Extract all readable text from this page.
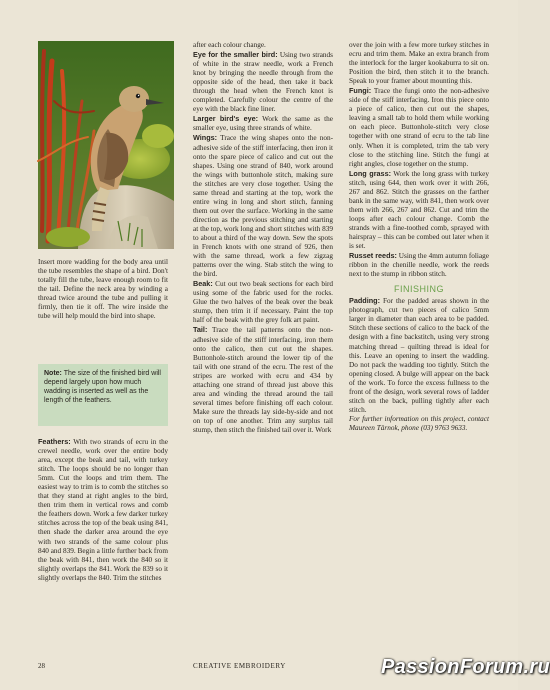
Insert more wadding for the body area until the tube resembles the shape of a bird. Don't totally fill the tube, leave enough room to fit the tail. Define the neck area by winding a thread twice around the tube and pulling it firmly, then tie it off. The wire inside the tube will help mould the bird into shape.

Note: The size of the finished bird will depend largely upon how much wadding is inserted as well as the length of the feathers.

Feathers: With two strands of ecru in the crewel needle, work over the entire body area, except the beak and tail, with turkey stitch. The loops should be no longer than 5mm. Cut the loops and trim them. The easiest way to trim is to comb the stitches so that they stand at right angles to the bird, then trim them in vertical rows and comb the feathers down. Work a few darker turkey stitches across the top of the beak using 841, then shade the darker area around the eye with two strands of the same colour plus 840 and 839. Begin a little further back from the beak with 841, then work the 840 so it slightly overlaps the 841. Work the 839 so it slightly overlaps the 840. Trim the stitches

after each colour change.

Eye for the smaller bird: Using two strands of white in the straw needle, work a French knot by bringing the needle through from the opposite side of the head, then take it back through the head when the French knot is completed. Carefully colour the centre of the eye with the black fine liner.

Larger bird's eye: Work the same as the smaller eye, using three strands of white.

Wings: Trace the wing shapes onto the non-adhesive side of the stiff interfacing, then iron it onto the spare piece of calico and cut out the shapes. Using one strand of 840, work around the wings with buttonhole stitch, making sure the stitches are very close together. Using the same thread and starting at the top, work the entire wing in long and short stitch, fanning them out over the surface. Working in the same direction as the previous stitching and starting at the top, work long and short stitches with 839 to about a third of the way down. Sew the spots in French knots with one strand of 926, then with the same thread, work a few zigzag patterns over the wing. Stab stitch the wing to the bird.

Beak: Cut out two beak sections for each bird using some of the fabric used for the rocks. Glue the two halves of the beak over the beak stump, then trim it if necessary. Paint the top half of the beak with the grey folk art paint.

Tail: Trace the tail patterns onto the non-adhesive side of the stiff interfacing, iron them onto the calico, then cut out the shapes. Buttonhole-stitch around the lower tip of the tail with one strand of the ecru. The rest of the stripes are worked with ecru and 434 by attaching one strand of thread just above this area and winding the thread around the tail several times before finishing off each colour. Make sure the threads lay side-by-side and not on top of one another. Trim any surplus tail stump, then stitch the finished tail over it. Work

over the join with a few more turkey stitches in ecru and trim them. Make an extra branch from the interlock for the larger kookaburra to sit on. Position the bird, then stitch it to the branch. Speak to your framer about mounting this.

Fungi: Trace the fungi onto the non-adhesive side of the stiff interfacing. Iron this piece onto a piece of calico, then cut out the shapes, leaving a small tab to hold them while working on each piece. Buttonhole-stitch very close together with one strand of ecru to the tab line only. When it is completed, trim the tab very close to the stitching line. Stitch the fungi at right angles, close together on the stump.

Long grass: Work the long grass with turkey stitch, using 644, then work over it with 266, 267 and 862. Stitch the grasses on the farther bank in the same way, with 841, then work over them with 266, 267 and 862. Cut and trim the loops after each colour change. Comb the strands with a fine-toothed comb, sprayed with hairspray – this can be combed out later when it is set.

Russet reeds: Using the 4mm autumn foliage ribbon in the chenille needle, work the reeds next to the stump in ribbon stitch.

FINISHING

Padding: For the padded areas shown in the photograph, cut two pieces of calico 5mm larger in diameter than each area to be padded. Stitch these sections of calico to the back of the design with a fine backstitch, using very strong matching thread – quilting thread is ideal for this. Leave an opening to insert the wadding. Do not pack the wadding too tightly. Stitch the opening closed. A bulge will appear on the back of the work. To force the excess fullness to the front of the design, work several rows of ladder stitch on the back, pulling tightly after each stitch.

For further information on this project, contact Maureen Tärnok, phone (03) 9763 9633.

28	CREATIVE EMBROIDERY	PassionForum.ru
